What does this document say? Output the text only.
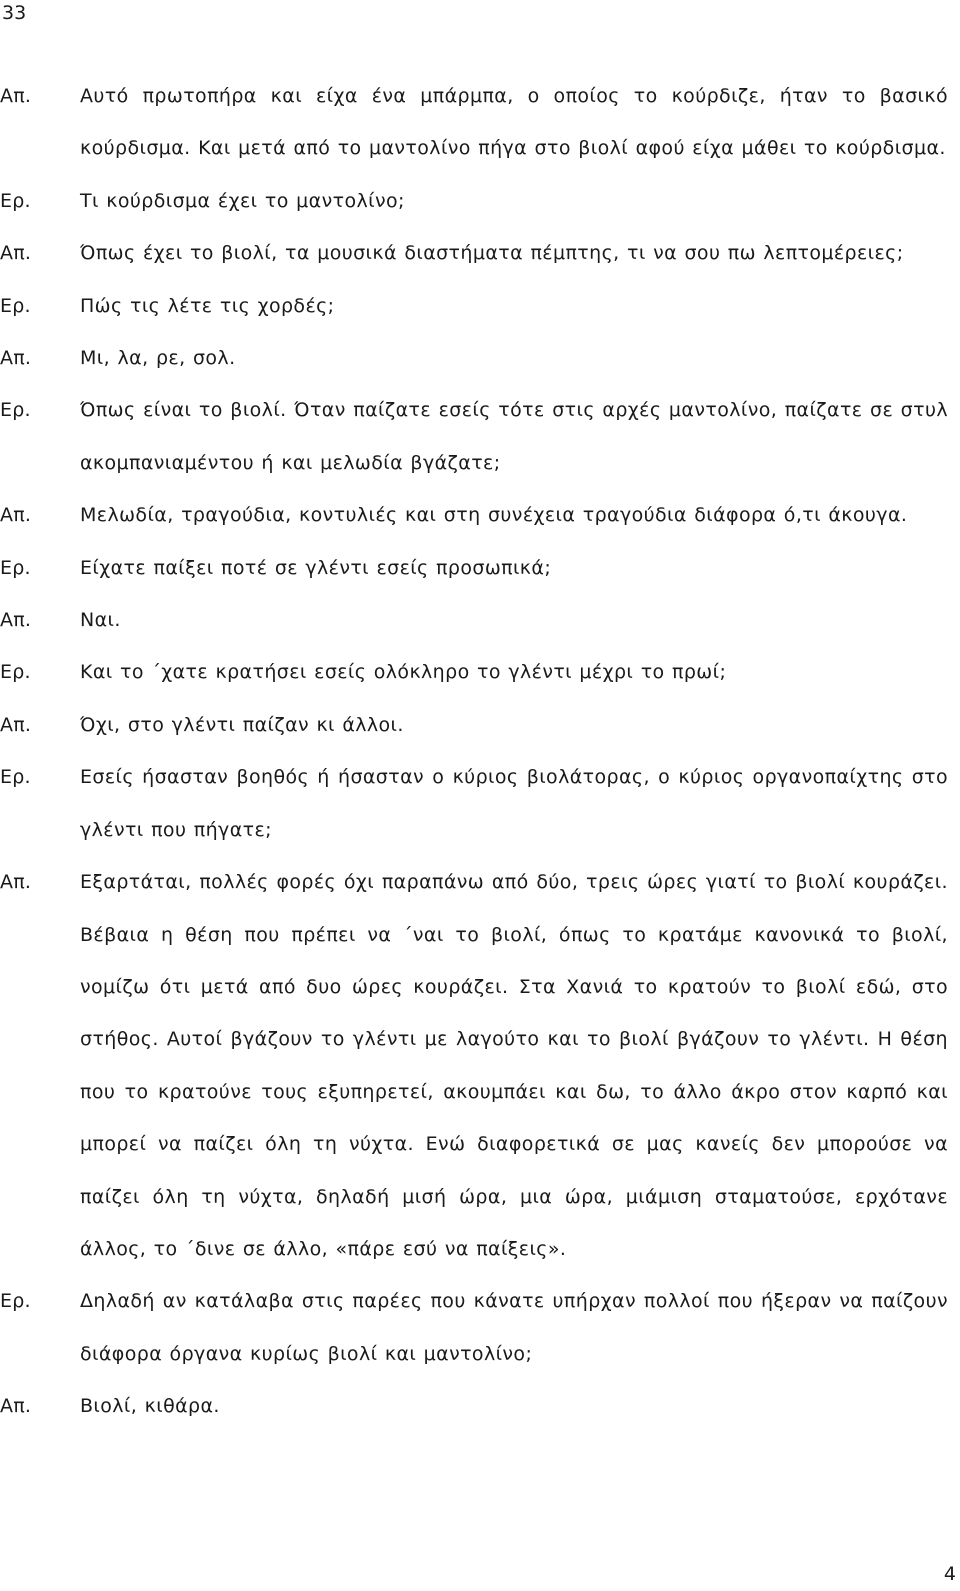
33
Απ.	Αυτό πρωτοπήρα και είχα ένα μπάρμπα, ο οποίος το κούρδιζε, ήταν το βασικό κούρδισμα. Και μετά από το μαντολίνο πήγα στο βιολί αφού είχα μάθει το κούρδισμα.
Ερ.	Τι κούρδισμα έχει το μαντολίνο;
Απ.	Όπως έχει το βιολί, τα μουσικά διαστήματα πέμπτης, τι να σου πω λεπτομέρειες;
Ερ.	Πώς τις λέτε τις χορδές;
Απ.	Μι, λα, ρε, σολ.
Ερ.	Όπως είναι το βιολί. Όταν παίζατε εσείς τότε στις αρχές μαντολίνο, παίζατε σε στυλ ακομπανιαμέντου ή και μελωδία βγάζατε;
Απ.	Μελωδία, τραγούδια, κοντυλιές και στη συνέχεια τραγούδια διάφορα ό,τι άκουγα.
Ερ.	Είχατε παίξει ποτέ σε γλέντι εσείς προσωπικά;
Απ.	Ναι.
Ερ.	Και το ΄χατε κρατήσει εσείς ολόκληρο το γλέντι μέχρι το πρωί;
Απ.	Όχι, στο γλέντι παίζαν κι άλλοι.
Ερ.	Εσείς ήσασταν βοηθός ή ήσασταν ο κύριος βιολάτορας, ο κύριος οργανοπαίχτης στο γλέντι που πήγατε;
Απ.	Εξαρτάται, πολλές φορές όχι παραπάνω από δύο, τρεις ώρες γιατί το βιολί κουράζει. Βέβαια η θέση που πρέπει να ΄ναι το βιολί, όπως το κρατάμε κανονικά το βιολί, νομίζω ότι μετά από δυο ώρες κουράζει. Στα Χανιά το κρατούν το βιολί εδώ, στο στήθος. Αυτοί βγάζουν το γλέντι με λαγούτο και το βιολί βγάζουν το γλέντι. Η θέση που το κρατούνε τους εξυπηρετεί, ακουμπάει και δω, το άλλο άκρο στον καρπό και μπορεί να παίζει όλη τη νύχτα. Ενώ διαφορετικά σε μας κανείς δεν μπορούσε να παίζει όλη τη νύχτα, δηλαδή μισή ώρα, μια ώρα, μιάμιση σταματούσε, ερχότανε άλλος, το ΄δινε σε άλλο, «πάρε εσύ να παίξεις».
Ερ.	Δηλαδή αν κατάλαβα στις παρέες που κάνατε υπήρχαν πολλοί που ήξεραν να παίζουν διάφορα όργανα κυρίως βιολί και μαντολίνο;
Απ.	Βιολί, κιθάρα.
4
